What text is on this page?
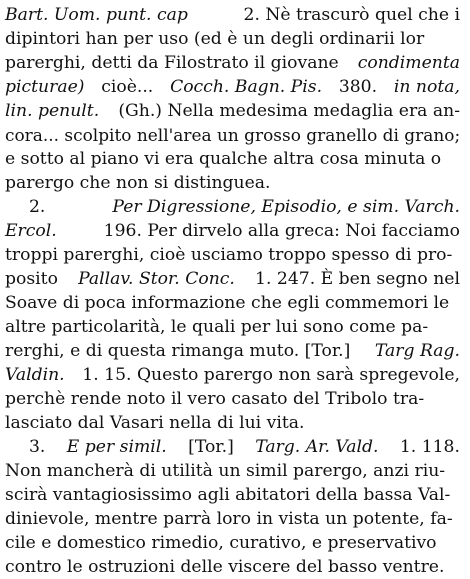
Bart. Uom. punt. cap	2. Nè trascurò quel che i
dipintori han per uso (ed è un degli ordinarii lor
parerghi, detti da Filostrato il giovane condimenta
picturae) cioè... Cocch. Bagn. Pis. 380. in nota,
lin. penult. (Gh.) Nella medesima medaglia era an-
cora... scolpito nell'area un grosso granello di grano;
e sotto al piano vi era qualche altra cosa minuta o
parergo che non si distinguea.
2.	Per Digressione, Episodio, e sim. Varch.
Ercol.	196. Per dirvelo alla greca: Noi facciamo
troppi parerghi, cioè usciamo troppo spesso di pro-
posito Pallav. Stor. Conc. 1. 247. È ben segno nel
Soave di poca informazione che egli commemori le
altre particolarità, le quali per lui sono come pa-
rerghi, e di questa rimanga muto. [Tor.] Targ Rag.
Valdin. 1. 15. Questo parergo non sarà spregevole,
perchè rende noto il vero casato del Tribolo tra-
lasciato dal Vasari nella di lui vita.
3. E per simil. [Tor.] Targ. Ar. Vald. 1. 118.
Non mancherà di utilità un simil parergo, anzi riu-
scirà vantagiosissimo agli abitatori della bassa Val-
dinievole, mentre parrà loro in vista un potente, fa-
cile e domestico rimedio, curativo, e preservativo
contro le ostruzioni delle viscere del basso ventre.
